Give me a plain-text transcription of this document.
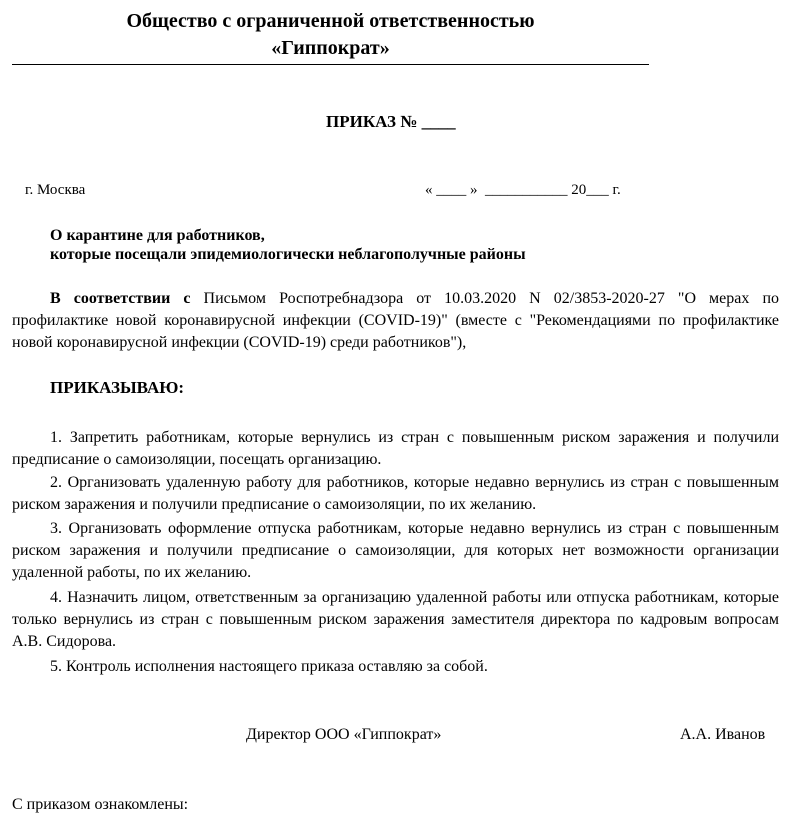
Общество с ограниченной ответственностью
«Гиппократ»
ПРИКАЗ № ____
г. Москва	« ____ »  ___________ 20___ г.
О карантине для работников,
которые посещали эпидемиологически неблагополучные районы
В соответствии с Письмом Роспотребнадзора от 10.03.2020 N 02/3853-2020-27 "О мерах по профилактике новой коронавирусной инфекции (COVID-19)" (вместе с "Рекомендациями по профилактике новой коронавирусной инфекции (COVID-19) среди работников"),
ПРИКАЗЫВАЮ:
1. Запретить работникам, которые вернулись из стран с повышенным риском заражения и получили предписание о самоизоляции, посещать организацию.
2. Организовать удаленную работу для работников, которые недавно вернулись из стран с повышенным риском заражения и получили предписание о самоизоляции, по их желанию.
3. Организовать оформление отпуска работникам, которые недавно вернулись из стран с повышенным риском заражения и получили предписание о самоизоляции, для которых нет возможности организации удаленной работы, по их желанию.
4. Назначить лицом, ответственным за организацию удаленной работы или отпуска работникам, которые только вернулись из стран с повышенным риском заражения заместителя директора по кадровым вопросам А.В. Сидорова.
5. Контроль исполнения настоящего приказа оставляю за собой.
Директор ООО «Гиппократ»	А.А. Иванов
С приказом ознакомлены:
